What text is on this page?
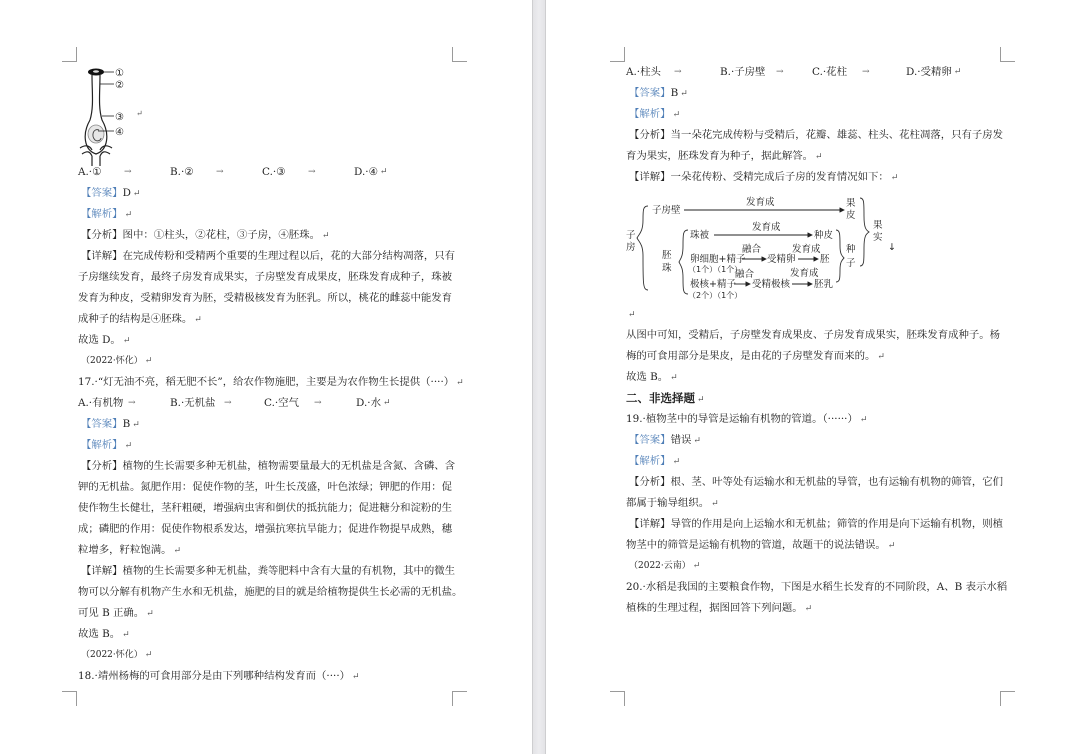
①
②
③
④
↵
A.·①	→	B.·②	→	C.·③	→	D.·④ ↵
【答案】D ↵
【解析】 ↵
【分析】图中：①柱头，②花柱，③子房，④胚珠。 ↵
【详解】在完成传粉和受精两个重要的生理过程以后，花的大部分结构凋落，只有
子房继续发育，最终子房发育成果实，子房壁发育成果皮，胚珠发育成种子，珠被
发育为种皮，受精卵发育为胚，受精极核发育为胚乳。所以，桃花的雌蕊中能发育
成种子的结构是④胚珠。 ↵
故选 D。 ↵
（2022·怀化） ↵
17.·“灯无油不亮，稻无肥不长”，给农作物施肥，主要是为农作物生长提供（····） ↵
A.·有机物 →	B.·无机盐 →	C.·空气	→	D.·水 ↵
【答案】B ↵
【解析】 ↵
【分析】植物的生长需要多种无机盐，植物需要量最大的无机盐是含氮、含磷、含
钾的无机盐。氮肥作用：促使作物的茎，叶生长茂盛，叶色浓绿；钾肥的作用：促
使作物生长健壮，茎秆粗硬，增强病虫害和倒伏的抵抗能力；促进糖分和淀粉的生
成；磷肥的作用：促使作物根系发达，增强抗寒抗旱能力；促进作物提早成熟，穗
粒增多，籽粒饱满。 ↵
【详解】植物的生长需要多种无机盐，粪等肥料中含有大量的有机物，其中的微生
物可以分解有机物产生水和无机盐，施肥的目的就是给植物提供生长必需的无机盐。
可见 B 正确。 ↵
故选 B。 ↵
（2022·怀化） ↵
18.·靖州杨梅的可食用部分是由下列哪种结构发育而（····） ↵
A.·柱头	→	B.·子房壁	→	C.·花柱	→	D.·受精卵 ↵
【答案】B ↵
【解析】 ↵
【分析】当一朵花完成传粉与受精后，花瓣、雄蕊、柱头、花柱凋落，只有子房发
育为果实，胚珠发育为种子，据此解答。 ↵
【详解】一朵花传粉、受精完成后子房的发育情况如下： ↵
↵
从图中可知，受精后，子房壁发育成果皮、子房发育成果实，胚珠发育成种子。杨
梅的可食用部分是果皮，是由花的子房壁发育而来的。 ↵
故选 B。 ↵
二、非选择题 ↵
19.·植物茎中的导管是运输有机物的管道。（······） ↵
【答案】错误 ↵
【解析】 ↵
【分析】根、茎、叶等处有运输水和无机盐的导管，也有运输有机物的筛管，它们
都属于输导组织。 ↵
【详解】导管的作用是向上运输水和无机盐；筛管的作用是向下运输有机物，则植
物茎中的筛管是运输有机物的管道，故题干的说法错误。 ↵
（2022·云南） ↵
20.·水稻是我国的主要粮食作物，下图是水稻生长发育的不同阶段，A、B 表示水稻
植株的生理过程，据图回答下列问题。 ↵
子
房
子房壁
发育成	果
皮
果
实
↓
胚
珠
珠被
发育成
种皮
种
子
卵细胞+精子
（1个）（1个）
融合
受精卵
发育成
胚
极核+精子
（2个）（1个）
融合
受精极核
发育成
胚乳
